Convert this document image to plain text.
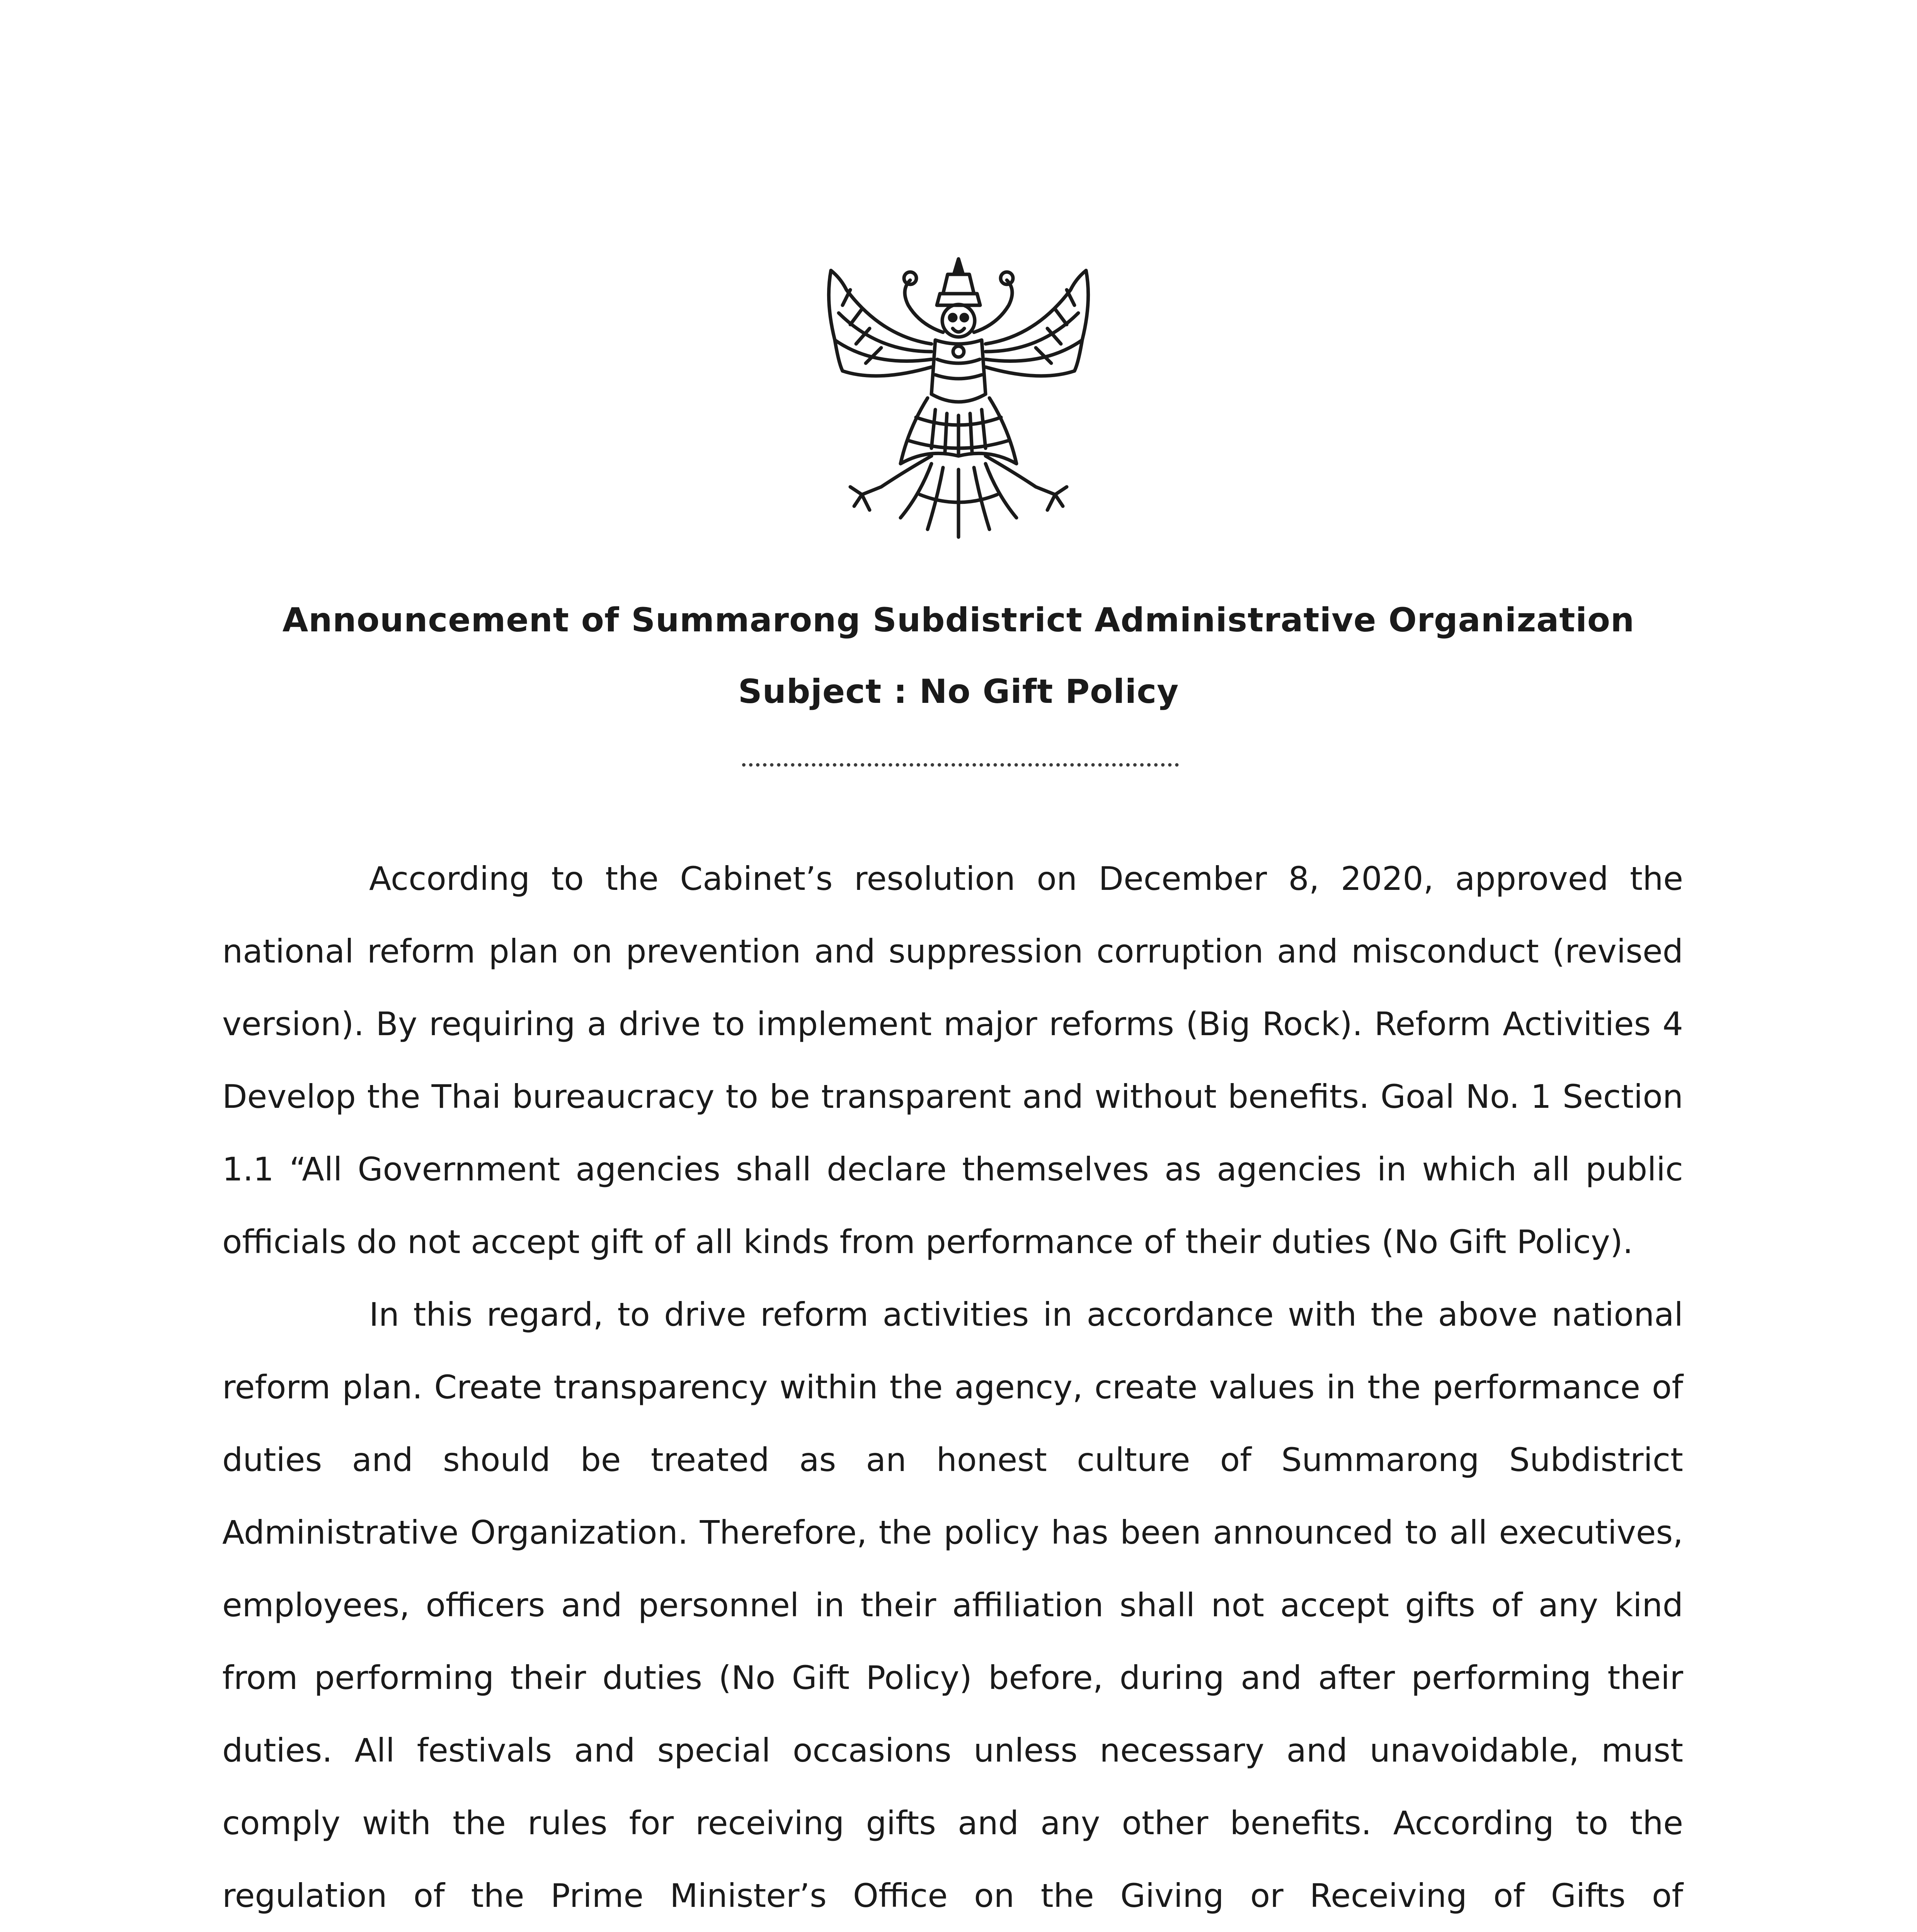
Announcement of Summarong Subdistrict Administrative Organization
Subject : No Gift Policy

According to the Cabinet’s resolution on December 8, 2020, approved the national reform plan on prevention and suppression corruption and misconduct (revised version). By requiring a drive to implement major reforms (Big Rock). Reform Activities 4 Develop the Thai bureaucracy to be transparent and without benefits. Goal No. 1 Section 1.1 “All Government agencies shall declare themselves as agencies in which all public officials do not accept gift of all kinds from performance of their duties (No Gift Policy).

In this regard, to drive reform activities in accordance with the above national reform plan. Create transparency within the agency, create values in the performance of duties and should be treated as an honest culture of Summarong Subdistrict Administrative Organization. Therefore, the policy has been announced to all executives, employees, officers and personnel in their affiliation shall not accept gifts of any kind from performing their duties (No Gift Policy) before, during and after performing their duties. All festivals and special occasions unless necessary and unavoidable, must comply with the rules for receiving gifts and any other benefits. According to the regulation of the Prime Minister’s Office on the Giving or Receiving of Gifts of
